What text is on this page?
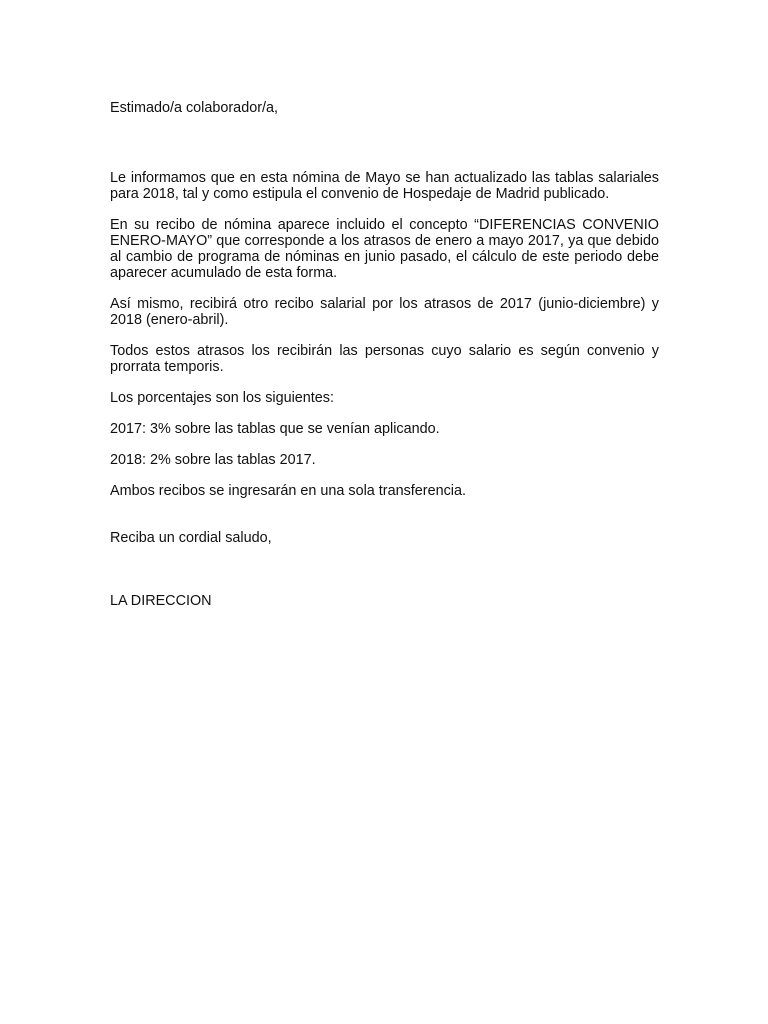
Estimado/a colaborador/a,

Le informamos que en esta nómina de Mayo se han actualizado las tablas salariales para 2018, tal y como estipula el convenio de Hospedaje de Madrid publicado.

En su recibo de nómina aparece incluido el concepto “DIFERENCIAS CONVENIO ENERO-MAYO” que corresponde a los atrasos de enero a mayo 2017, ya que debido al cambio de programa de nóminas en junio pasado, el cálculo de este periodo debe aparecer acumulado de esta forma.

Así mismo, recibirá otro recibo salarial por los atrasos de 2017 (junio-diciembre) y 2018 (enero-abril).

Todos estos atrasos los recibirán las personas cuyo salario es según convenio y prorrata temporis.

Los porcentajes son los siguientes:

2017: 3% sobre las tablas que se venían aplicando.

2018: 2% sobre las tablas 2017.

Ambos recibos se ingresarán en una sola transferencia.

Reciba un cordial saludo,

LA DIRECCION
